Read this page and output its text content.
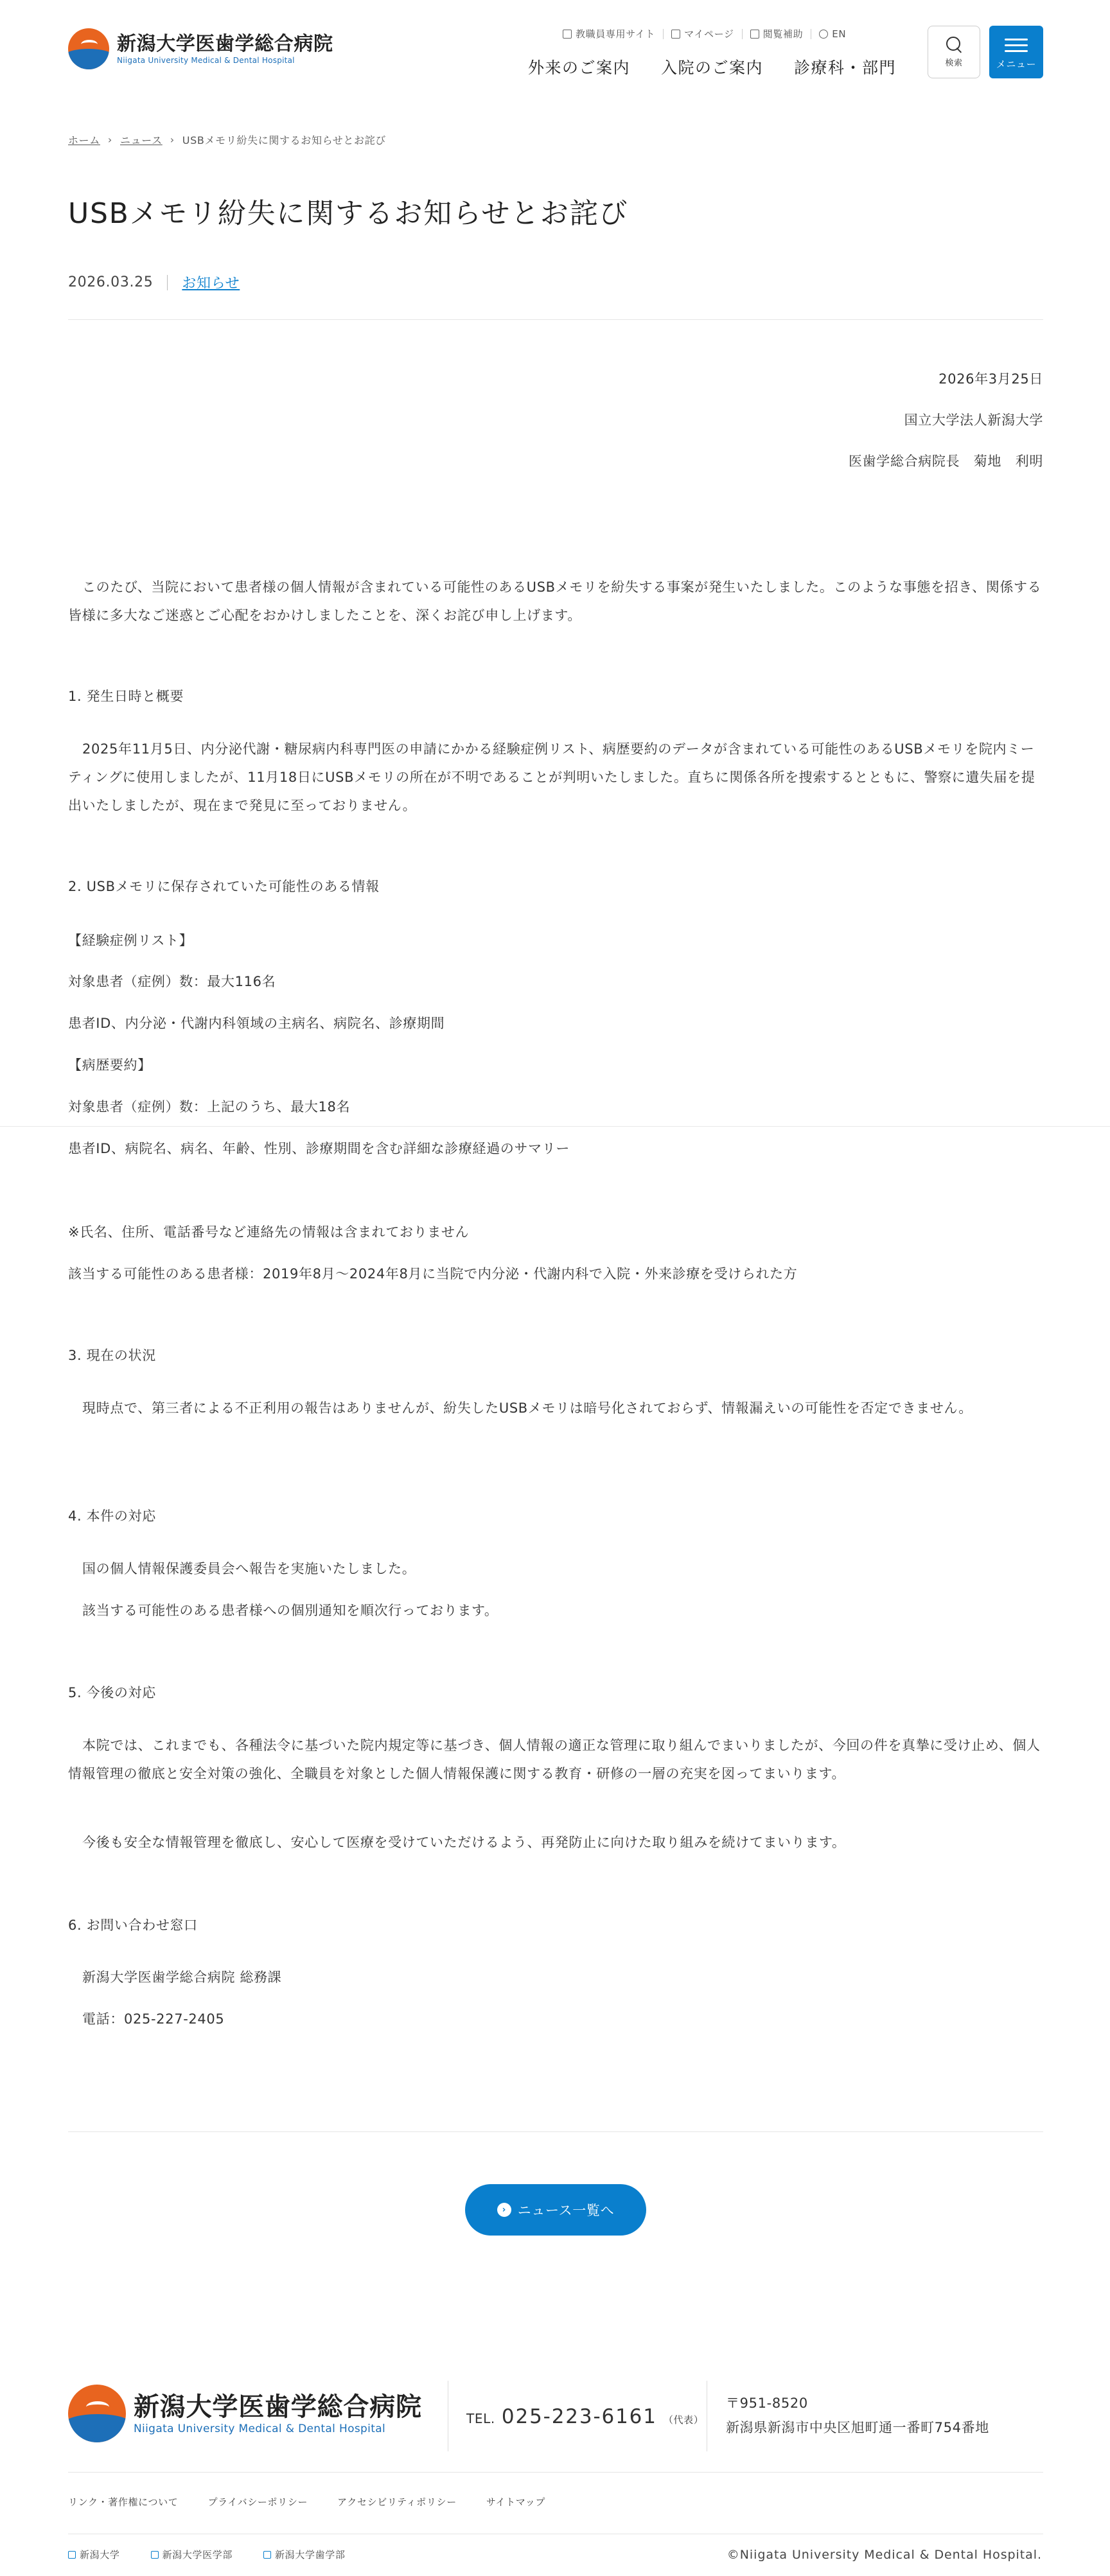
新潟大学医歯学総合病院
Niigata University Medical & Dental Hospital
教職員専用サイト	マイページ	閲覧補助	EN
外来のご案内 入院のご案内 診療科・部門	検索	メニュー
ホーム › ニュース › USBメモリ紛失に関するお知らせとお詫び
USBメモリ紛失に関するお知らせとお詫び
2026.03.25 お知らせ
2026年3月25日
国立大学法人新潟大学
医歯学総合病院長　菊地　利明
このたび、当院において患者様の個人情報が含まれている可能性のあるUSBメモリを紛失する事案が発生いたしました。このような事態を招き、関係する皆様に多大なご迷惑とご心配をおかけしましたことを、深くお詫び申し上げます。
1. 発生日時と概要
2025年11月5日、内分泌代謝・糖尿病内科専門医の申請にかかる経験症例リスト、病歴要約のデータが含まれている可能性のあるUSBメモリを院内ミーティングに使用しましたが、11月18日にUSBメモリの所在が不明であることが判明いたしました。直ちに関係各所を捜索するとともに、警察に遺失届を提出いたしましたが、現在まで発見に至っておりません。
2. USBメモリに保存されていた可能性のある情報
【経験症例リスト】
対象患者（症例）数：最大116名
患者ID、内分泌・代謝内科領域の主病名、病院名、診療期間
【病歴要約】
対象患者（症例）数：上記のうち、最大18名
患者ID、病院名、病名、年齢、性別、診療期間を含む詳細な診療経過のサマリー
※氏名、住所、電話番号など連絡先の情報は含まれておりません
該当する可能性のある患者様：2019年8月〜2024年8月に当院で内分泌・代謝内科で入院・外来診療を受けられた方
3. 現在の状況
現時点で、第三者による不正利用の報告はありませんが、紛失したUSBメモリは暗号化されておらず、情報漏えいの可能性を否定できません。
4. 本件の対応
国の個人情報保護委員会へ報告を実施いたしました。
該当する可能性のある患者様への個別通知を順次行っております。
5. 今後の対応
本院では、これまでも、各種法令に基づいた院内規定等に基づき、個人情報の適正な管理に取り組んでまいりましたが、今回の件を真摯に受け止め、個人情報管理の徹底と安全対策の強化、全職員を対象とした個人情報保護に関する教育・研修の一層の充実を図ってまいります。
今後も安全な情報管理を徹底し、安心して医療を受けていただけるよう、再発防止に向けた取り組みを続けてまいります。
6. お問い合わせ窓口
新潟大学医歯学総合病院 総務課
電話：025-227-2405
› ニュース一覧へ
新潟大学医歯学総合病院
Niigata University Medical & Dental Hospital
TEL. 025-223-6161 （代表）
〒951-8520
新潟県新潟市中央区旭町通一番町754番地
リンク・著作権について	プライバシーポリシー	アクセシビリティポリシー	サイトマップ
新潟大学	新潟大学医学部	新潟大学歯学部	©Niigata University Medical & Dental Hospital.
